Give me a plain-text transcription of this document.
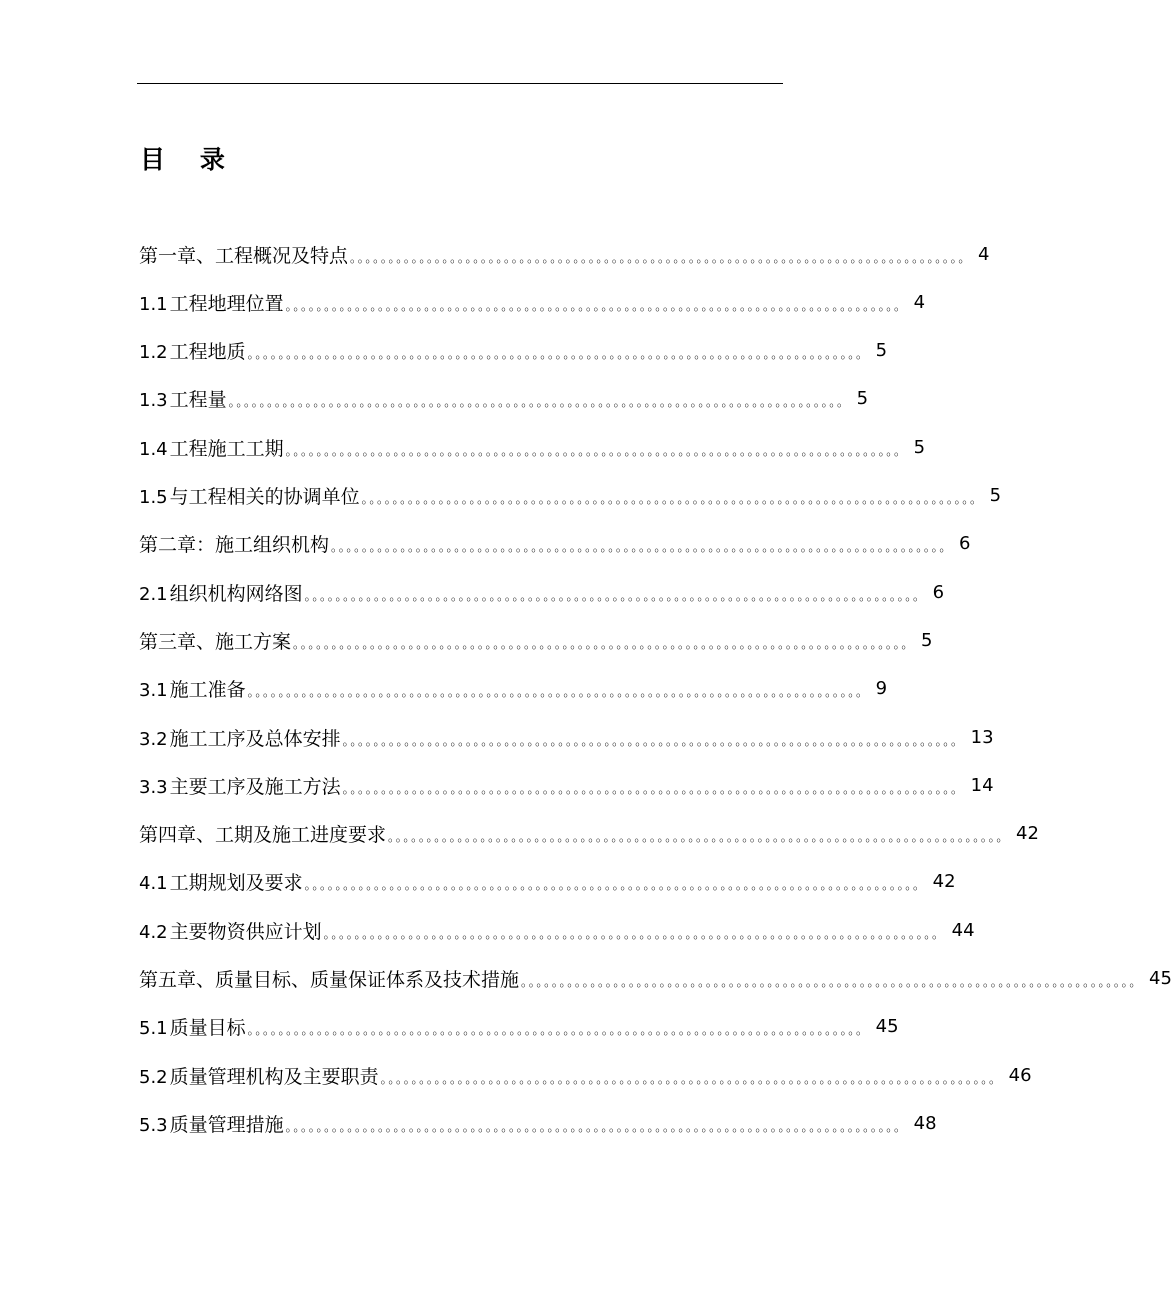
目    录
第一章、工程概况及特点 。。。。。。。。。。。。。。。。。。。。。。。。。。。。。。。。。。。。。。。。。。。。。。。。。。。。。。。。。。。。。。。。。。。。。。。。。。。。。。。。 4
1.1 工程地理位置 。。。。。。。。。。。。。。。。。。。。。。。。。。。。。。。。。。。。。。。。。。。。。。。。。。。。。。。。。。。。。。。。。。。。。。。。。。。。。。。。 4
1.2 工程地质 。。。。。。。。。。。。。。。。。。。。。。。。。。。。。。。。。。。。。。。。。。。。。。。。。。。。。。。。。。。。。。。。。。。。。。。。。。。。。。。。 5
1.3 工程量 。。。。。。。。。。。。。。。。。。。。。。。。。。。。。。。。。。。。。。。。。。。。。。。。。。。。。。。。。。。。。。。。。。。。。。。。。。。。。。。。 5
1.4 工程施工工期 。。。。。。。。。。。。。。。。。。。。。。。。。。。。。。。。。。。。。。。。。。。。。。。。。。。。。。。。。。。。。。。。。。。。。。。。。。。。。。。。 5
1.5 与工程相关的协调单位 。。。。。。。。。。。。。。。。。。。。。。。。。。。。。。。。。。。。。。。。。。。。。。。。。。。。。。。。。。。。。。。。。。。。。。。。。。。。。。。。 5
第二章：施工组织机构 。。。。。。。。。。。。。。。。。。。。。。。。。。。。。。。。。。。。。。。。。。。。。。。。。。。。。。。。。。。。。。。。。。。。。。。。。。。。。。。。 6
2.1 组织机构网络图 。。。。。。。。。。。。。。。。。。。。。。。。。。。。。。。。。。。。。。。。。。。。。。。。。。。。。。。。。。。。。。。。。。。。。。。。。。。。。。。。 6
第三章、施工方案 。。。。。。。。。。。。。。。。。。。。。。。。。。。。。。。。。。。。。。。。。。。。。。。。。。。。。。。。。。。。。。。。。。。。。。。。。。。。。。。。 5
3.1 施工准备 。。。。。。。。。。。。。。。。。。。。。。。。。。。。。。。。。。。。。。。。。。。。。。。。。。。。。。。。。。。。。。。。。。。。。。。。。。。。。。。。 9
3.2 施工工序及总体安排 。。。。。。。。。。。。。。。。。。。。。。。。。。。。。。。。。。。。。。。。。。。。。。。。。。。。。。。。。。。。。。。。。。。。。。。。。。。。。。。。 13
3.3 主要工序及施工方法 。。。。。。。。。。。。。。。。。。。。。。。。。。。。。。。。。。。。。。。。。。。。。。。。。。。。。。。。。。。。。。。。。。。。。。。。。。。。。。。。 14
第四章、工期及施工进度要求 。。。。。。。。。。。。。。。。。。。。。。。。。。。。。。。。。。。。。。。。。。。。。。。。。。。。。。。。。。。。。。。。。。。。。。。。。。。。。。。。 42
4.1 工期规划及要求 。。。。。。。。。。。。。。。。。。。。。。。。。。。。。。。。。。。。。。。。。。。。。。。。。。。。。。。。。。。。。。。。。。。。。。。。。。。。。。。。 42
4.2 主要物资供应计划 。。。。。。。。。。。。。。。。。。。。。。。。。。。。。。。。。。。。。。。。。。。。。。。。。。。。。。。。。。。。。。。。。。。。。。。。。。。。。。。。 44
第五章、质量目标、质量保证体系及技术措施 。。。。。。。。。。。。。。。。。。。。。。。。。。。。。。。。。。。。。。。。。。。。。。。。。。。。。。。。。。。。。。。。。。。。。。。。。。。。。。。。 45
5.1 质量目标 。。。。。。。。。。。。。。。。。。。。。。。。。。。。。。。。。。。。。。。。。。。。。。。。。。。。。。。。。。。。。。。。。。。。。。。。。。。。。。。。 45
5.2 质量管理机构及主要职责 。。。。。。。。。。。。。。。。。。。。。。。。。。。。。。。。。。。。。。。。。。。。。。。。。。。。。。。。。。。。。。。。。。。。。。。。。。。。。。。。 46
5.3 质量管理措施 。。。。。。。。。。。。。。。。。。。。。。。。。。。。。。。。。。。。。。。。。。。。。。。。。。。。。。。。。。。。。。。。。。。。。。。。。。。。。。。。 48
